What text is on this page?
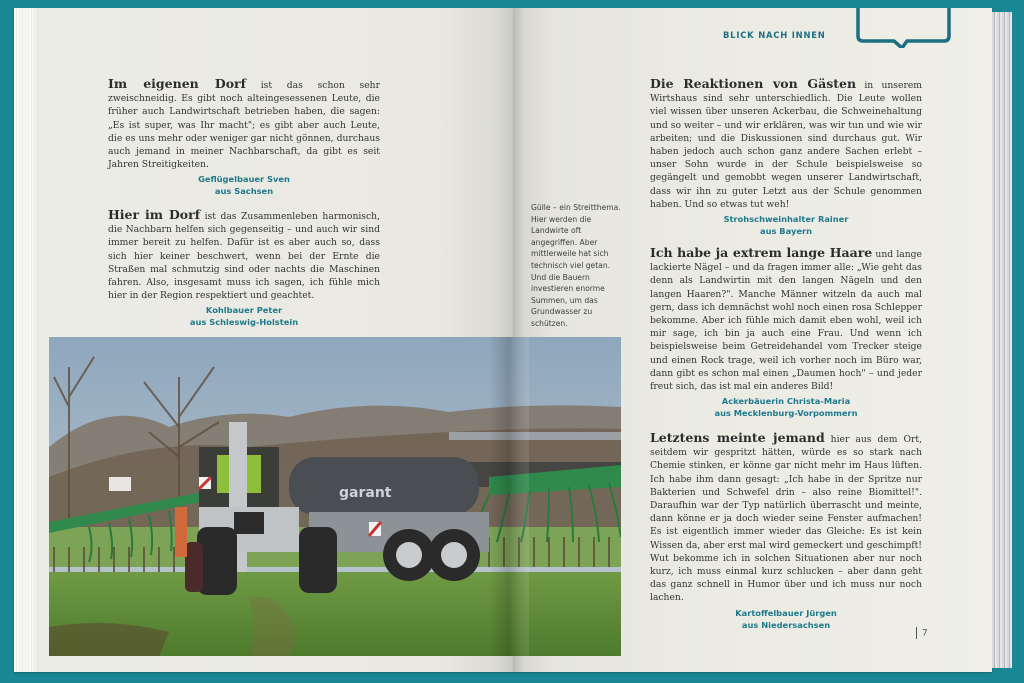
Im eigenen Dorf ist das schon sehr zweischneidig. Es gibt noch alteingesessenen Leute, die früher auch Landwirtschaft betrieben haben, die sagen: „Es ist super, was Ihr macht"; es gibt aber auch Leute, die es uns mehr oder weniger gar nicht gönnen, durchaus auch jemand in meiner Nachbarschaft, da gibt es seit Jahren Streitigkeiten.
Geflügelbauer Sven
aus Sachsen
Hier im Dorf ist das Zusammenleben harmonisch, die Nachbarn helfen sich gegenseitig – und auch wir sind immer bereit zu helfen. Dafür ist es aber auch so, dass sich hier keiner beschwert, wenn bei der Ernte die Straßen mal schmutzig sind oder nachts die Maschinen fahren. Also, insgesamt muss ich sagen, ich fühle mich hier in der Region respektiert und geachtet.
Kohlbauer Peter
aus Schleswig-Holstein
Gülle – ein Streitthema. Hier werden die Landwirte oft angegriffen. Aber mittlerweile hat sich technisch viel getan. Und die Bauern investieren enorme Summen, um das Grundwasser zu schützen.
garant
BLICK NACH INNEN
Die Reaktionen von Gästen in unserem Wirtshaus sind sehr unterschiedlich. Die Leute wollen viel wissen über unseren Ackerbau, die Schweinehaltung und so weiter – und wir erklären, was wir tun und wie wir arbeiten; und die Diskussionen sind durchaus gut. Wir haben jedoch auch schon ganz andere Sachen erlebt – unser Sohn wurde in der Schule beispielsweise so gegängelt und gemobbt wegen unserer Landwirtschaft, dass wir ihn zu guter Letzt aus der Schule genommen haben. Und so etwas tut weh!
Strohschweinhalter Rainer
aus Bayern
Ich habe ja extrem lange Haare und lange lackierte Nägel – und da fragen immer alle: „Wie geht das denn als Landwirtin mit den langen Nägeln und den langen Haaren?". Manche Männer witzeln da auch mal gern, dass ich demnächst wohl noch einen rosa Schlepper bekomme. Aber ich fühle mich damit eben wohl, weil ich mir sage, ich bin ja auch eine Frau. Und wenn ich beispielsweise beim Getreidehandel vom Trecker steige und einen Rock trage, weil ich vorher noch im Büro war, dann gibt es schon mal einen „Daumen hoch" – und jeder freut sich, das ist mal ein anderes Bild!
Ackerbäuerin Christa-Maria
aus Mecklenburg-Vorpommern
Letztens meinte jemand hier aus dem Ort, seitdem wir gespritzt hätten, würde es so stark nach Chemie stinken, er könne gar nicht mehr im Haus lüften. Ich habe ihm dann gesagt: „Ich habe in der Spritze nur Bakterien und Schwefel drin – also reine Biomittel!". Daraufhin war der Typ natürlich überrascht und meinte, dann könne er ja doch wieder seine Fenster aufmachen! Es ist eigentlich immer wieder das Gleiche: Es ist kein Wissen da, aber erst mal wird gemeckert und geschimpft! Wut bekomme ich in solchen Situationen aber nur noch kurz, ich muss einmal kurz schlucken – aber dann geht das ganz schnell in Humor über und ich muss nur noch lachen.
Kartoffelbauer Jürgen
aus Niedersachsen
7
